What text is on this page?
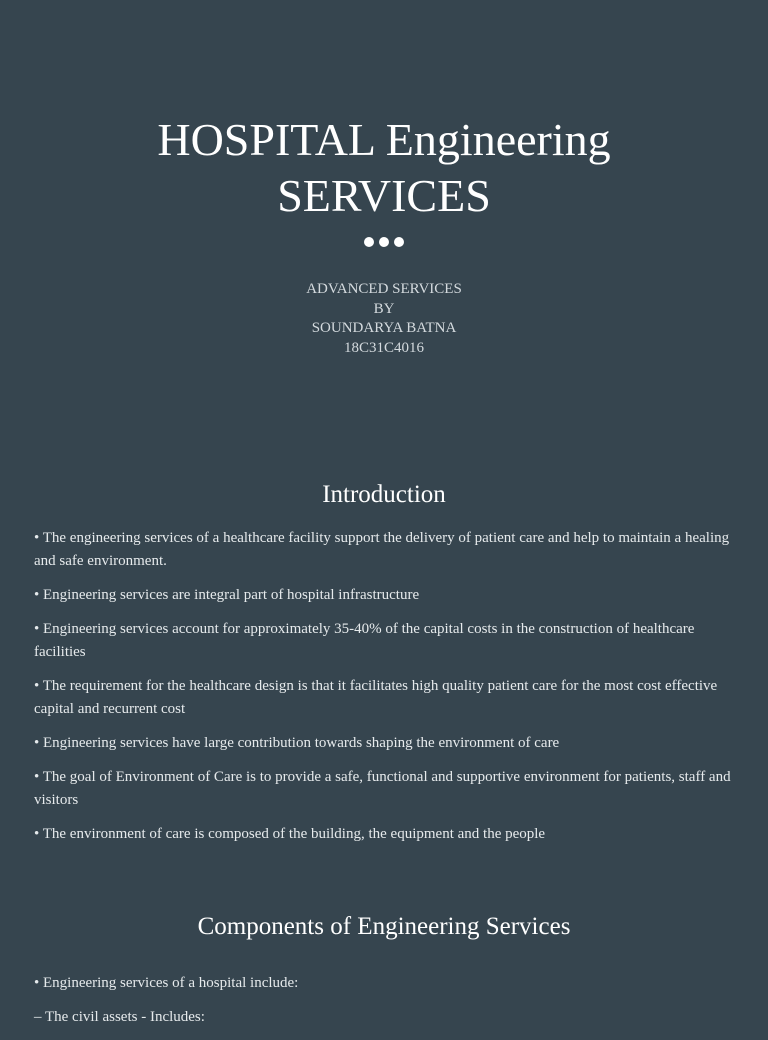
HOSPITAL Engineering
SERVICES
ADVANCED SERVICES
BY
SOUNDARYA BATNA
18C31C4016
Introduction
• The engineering services of a healthcare facility support the delivery of patient care and help to maintain a healing and safe environment.
• Engineering services are integral part of hospital infrastructure
• Engineering services account for approximately 35-40% of the capital costs in the construction of healthcare facilities
• The requirement for the healthcare design is that it facilitates high quality patient care for the most cost effective capital and recurrent cost
• Engineering services have large contribution towards shaping the environment of care
• The goal of Environment of Care is to provide a safe, functional and supportive environment for patients, staff and visitors
• The environment of care is composed of the building, the equipment and the people
Components of Engineering Services
• Engineering services of a hospital include:
– The civil assets - Includes:
